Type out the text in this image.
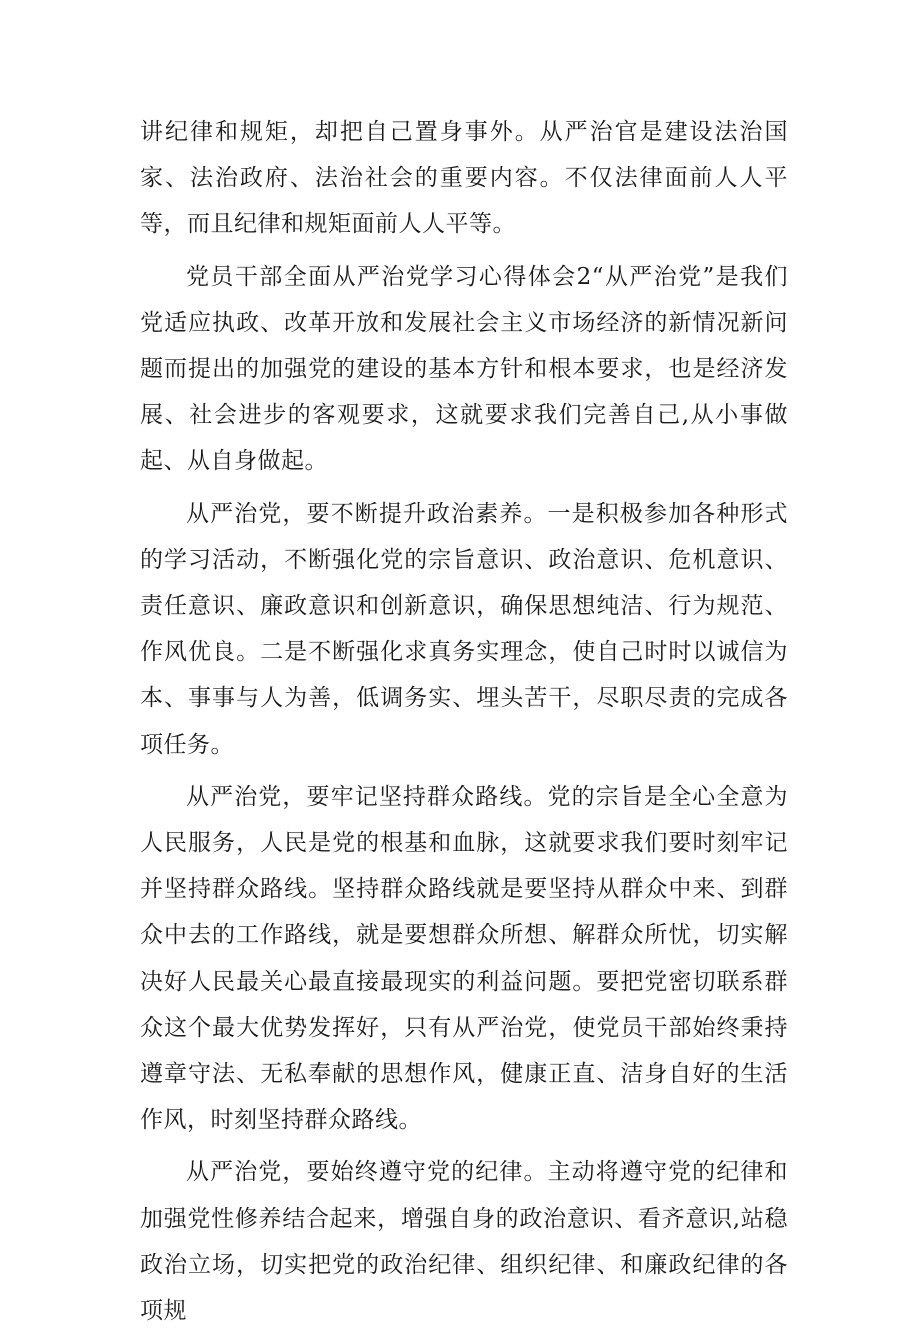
讲纪律和规矩，却把自己置身事外。从严治官是建设法治国家、法治政府、法治社会的重要内容。不仅法律面前人人平等，而且纪律和规矩面前人人平等。

党员干部全面从严治党学习心得体会2“从严治党”是我们党适应执政、改革开放和发展社会主义市场经济的新情况新问题而提出的加强党的建设的基本方针和根本要求，也是经济发展、社会进步的客观要求，这就要求我们完善自己,从小事做起、从自身做起。

从严治党，要不断提升政治素养。一是积极参加各种形式的学习活动，不断强化党的宗旨意识、政治意识、危机意识、责任意识、廉政意识和创新意识，确保思想纯洁、行为规范、作风优良。二是不断强化求真务实理念，使自己时时以诚信为本、事事与人为善，低调务实、埋头苦干，尽职尽责的完成各项任务。

从严治党，要牢记坚持群众路线。党的宗旨是全心全意为人民服务，人民是党的根基和血脉，这就要求我们要时刻牢记并坚持群众路线。坚持群众路线就是要坚持从群众中来、到群众中去的工作路线，就是要想群众所想、解群众所忧，切实解决好人民最关心最直接最现实的利益问题。要把党密切联系群众这个最大优势发挥好，只有从严治党，使党员干部始终秉持遵章守法、无私奉献的思想作风，健康正直、洁身自好的生活作风，时刻坚持群众路线。

从严治党，要始终遵守党的纪律。主动将遵守党的纪律和加强党性修养结合起来，增强自身的政治意识、看齐意识,站稳政治立场，切实把党的政治纪律、组织纪律、和廉政纪律的各项规
